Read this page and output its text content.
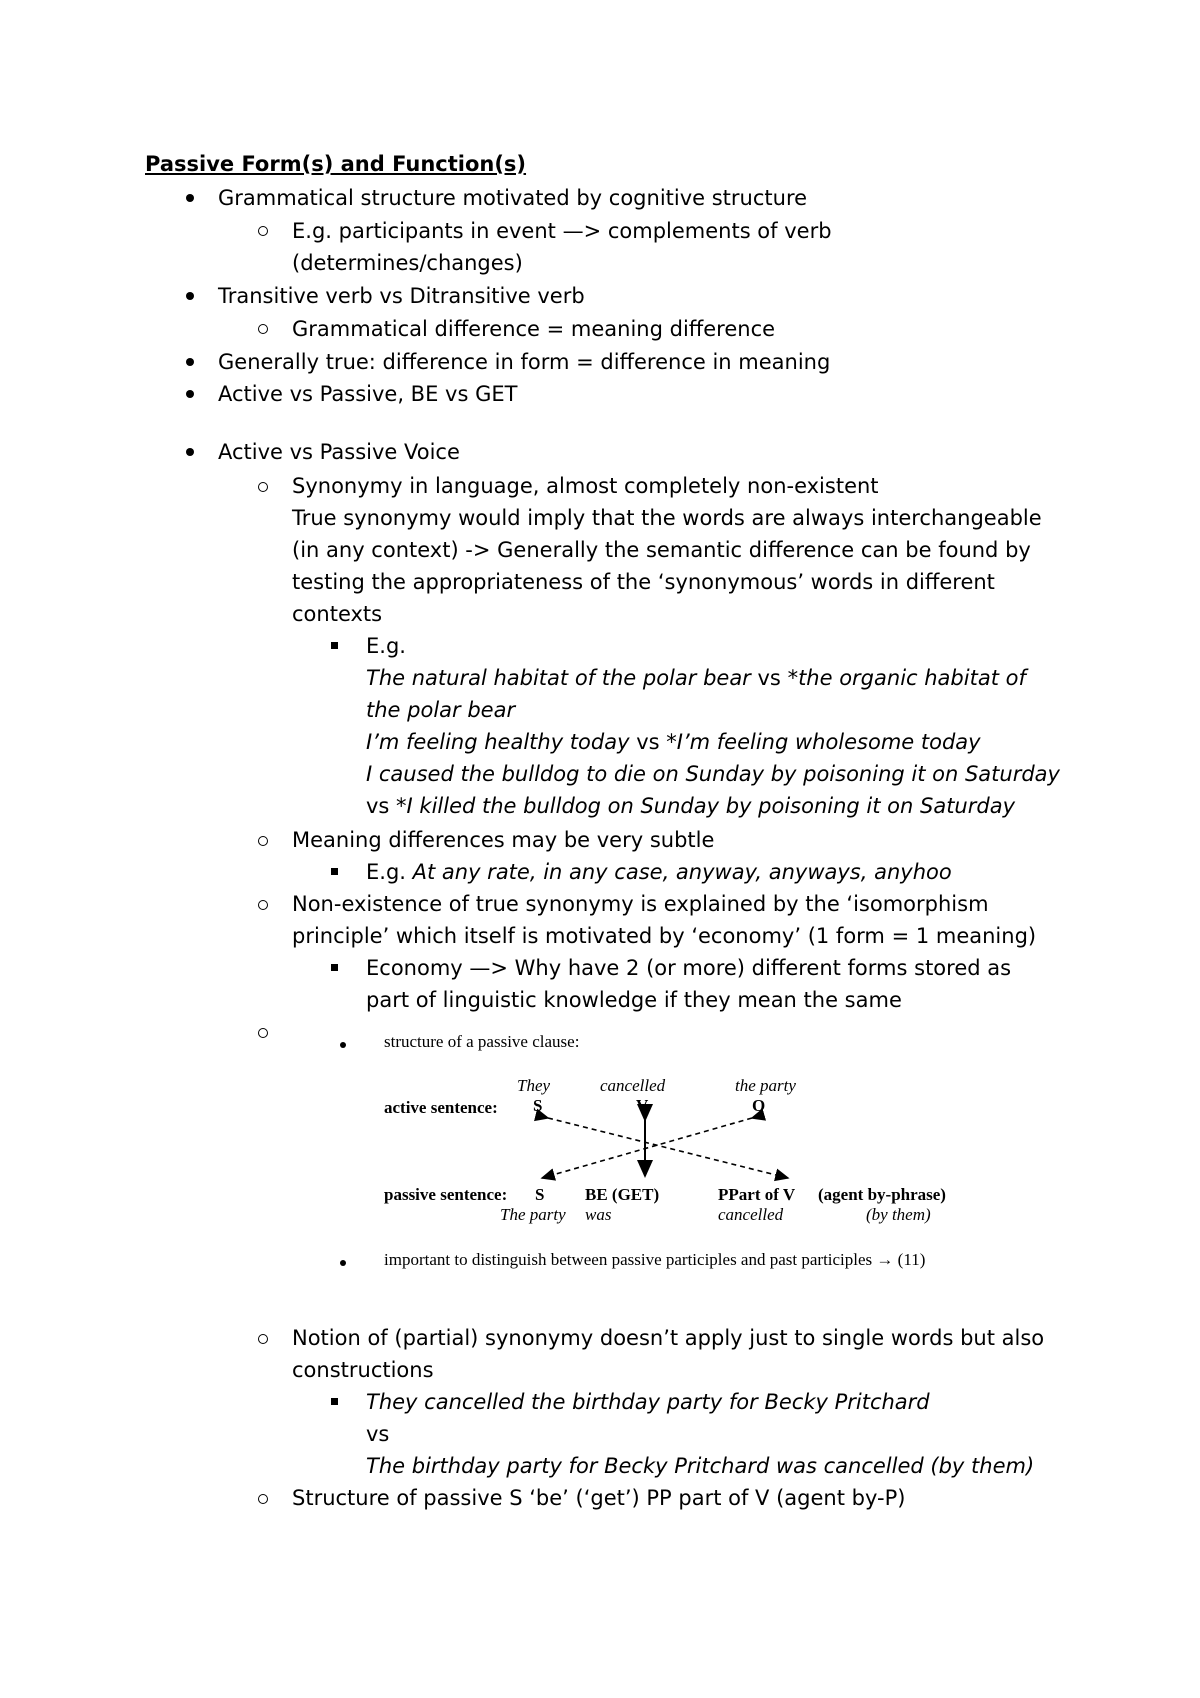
Passive Form(s) and Function(s)
Grammatical structure motivated by cognitive structure
E.g. participants in event —> complements of verb
(determines/changes)
Transitive verb vs Ditransitive verb
Grammatical difference = meaning difference
Generally true: difference in form = difference in meaning
Active vs Passive, BE vs GET
Active vs Passive Voice
Synonymy in language, almost completely non-existent
True synonymy would imply that the words are always interchangeable
(in any context) -> Generally the semantic difference can be found by
testing the appropriateness of the ‘synonymous’ words in different
contexts
E.g.
The natural habitat of the polar bear vs *the organic habitat of
the polar bear
I’m feeling healthy today vs *I’m feeling wholesome today
I caused the bulldog to die on Sunday by poisoning it on Saturday
vs *I killed the bulldog on Sunday by poisoning it on Saturday
Meaning differences may be very subtle
E.g. At any rate, in any case, anyway, anyways, anyhoo
Non-existence of true synonymy is explained by the ‘isomorphism
principle’ which itself is motivated by ‘economy’ (1 form = 1 meaning)
Economy —> Why have 2 (or more) different forms stored as
part of linguistic knowledge if they mean the same
structure of a passive clause:
They	cancelled	the party
active sentence: S	V	O
passive sentence: S BE (GET)	PPart of V (agent by-phrase)
The party was	cancelled	(by them)
important to distinguish between passive participles and past participles → (11)
Notion of (partial) synonymy doesn’t apply just to single words but also
constructions
They cancelled the birthday party for Becky Pritchard
vs
The birthday party for Becky Pritchard was cancelled (by them)
Structure of passive S ‘be’ (‘get’) PP part of V (agent by-P)
